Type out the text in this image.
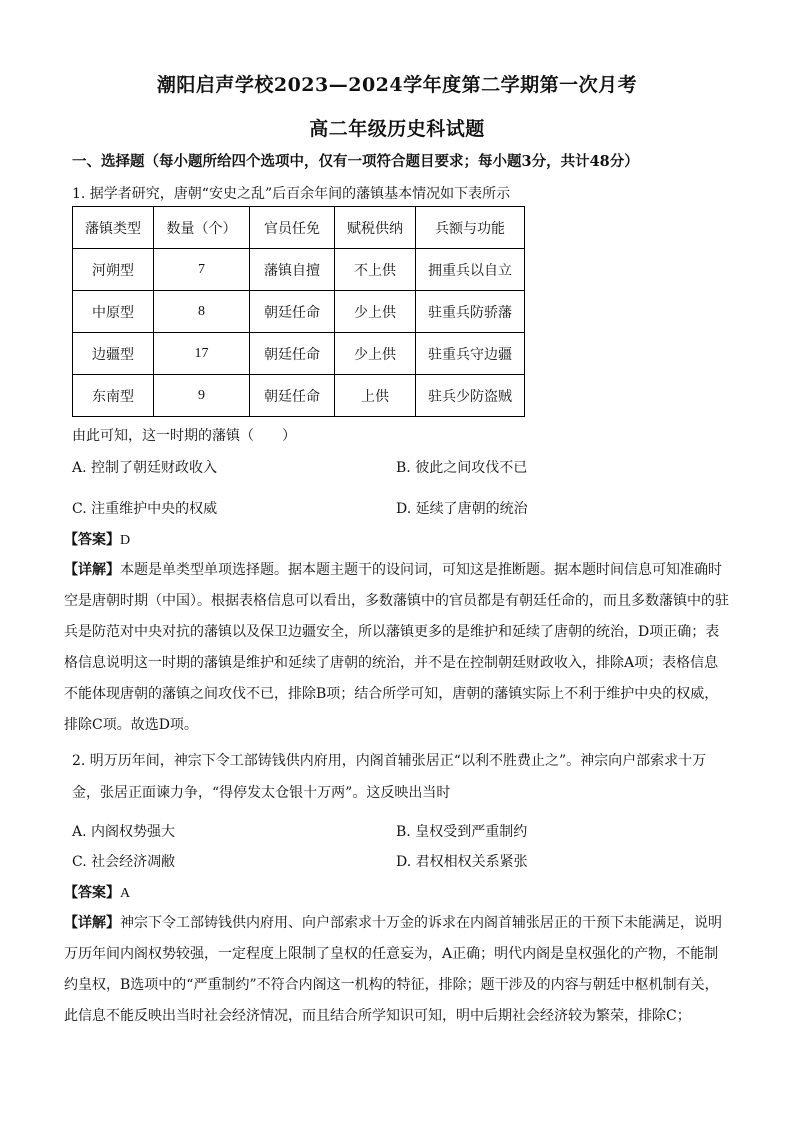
潮阳启声学校2023—2024学年度第二学期第一次月考
高二年级历史科试题
一、选择题（每小题所给四个选项中，仅有一项符合题目要求；每小题3分，共计48分）
1. 据学者研究，唐朝“安史之乱”后百余年间的藩镇基本情况如下表所示
藩镇类型	数量（个）	官员任免	赋税供纳	兵额与功能
河朔型	7	藩镇自擅	不上供	拥重兵以自立
中原型	8	朝廷任命	少上供	驻重兵防骄藩
边疆型	17	朝廷任命	少上供	驻重兵守边疆
东南型	9	朝廷任命	上供	驻兵少防盗贼
由此可知，这一时期的藩镇（　　）
A. 控制了朝廷财政收入	B. 彼此之间攻伐不已
C. 注重维护中央的权威	D. 延续了唐朝的统治
【答案】D
【详解】本题是单类型单项选择题。据本题主题干的设问词，可知这是推断题。据本题时间信息可知准确时空是唐朝时期（中国）。根据表格信息可以看出，多数藩镇中的官员都是有朝廷任命的，而且多数藩镇中的驻兵是防范对中央对抗的藩镇以及保卫边疆安全，所以藩镇更多的是维护和延续了唐朝的统治，D项正确；表格信息说明这一时期的藩镇是维护和延续了唐朝的统治，并不是在控制朝廷财政收入，排除A项；表格信息不能体现唐朝的藩镇之间攻伐不已，排除B项；结合所学可知，唐朝的藩镇实际上不利于维护中央的权威，排除C项。故选D项。
2. 明万历年间，神宗下令工部铸钱供内府用，内阁首辅张居正“以利不胜费止之”。神宗向户部索求十万金，张居正面谏力争，“得停发太仓银十万两”。这反映出当时
A. 内阁权势强大	B. 皇权受到严重制约
C. 社会经济凋敝	D. 君权相权关系紧张
【答案】A
【详解】神宗下令工部铸钱供内府用、向户部索求十万金的诉求在内阁首辅张居正的干预下未能满足，说明万历年间内阁权势较强，一定程度上限制了皇权的任意妄为，A正确；明代内阁是皇权强化的产物，不能制约皇权，B选项中的“严重制约”不符合内阁这一机构的特征，排除；题干涉及的内容与朝廷中枢机制有关，此信息不能反映出当时社会经济情况，而且结合所学知识可知，明中后期社会经济较为繁荣，排除C；
